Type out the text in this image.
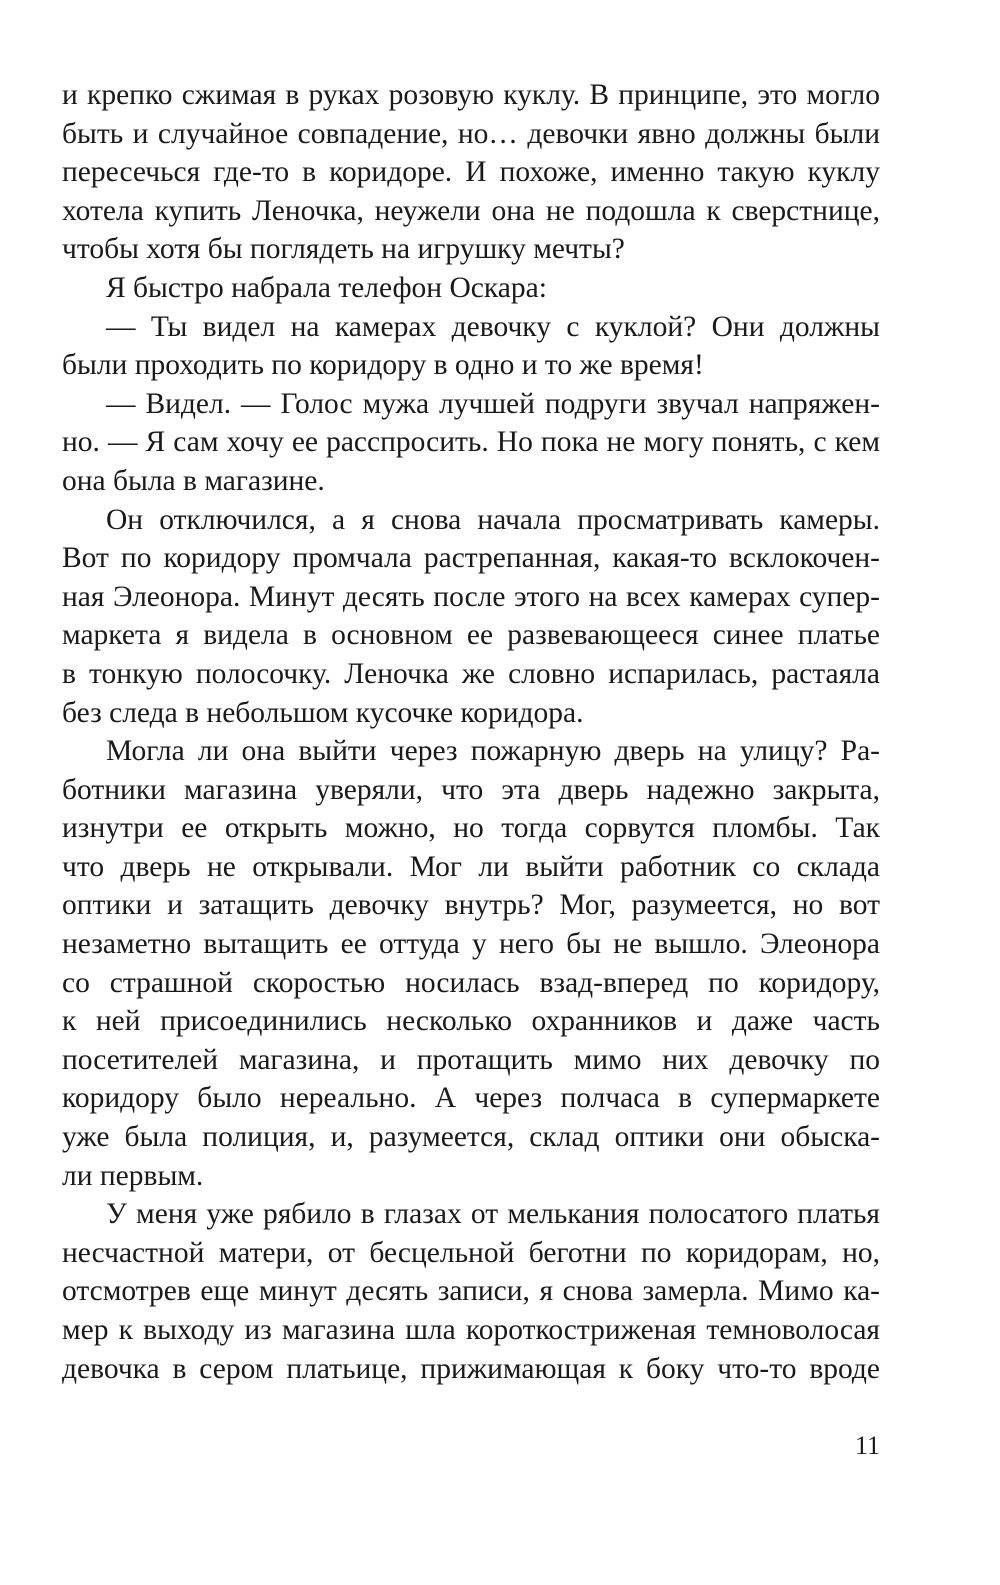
и крепко сжимая в руках розовую куклу. В принципе, это могло
быть и случайное совпадение, но… девочки явно должны были
пересечься где-то в коридоре. И похоже, именно такую куклу
хотела купить Леночка, неужели она не подошла к сверстнице,
чтобы хотя бы поглядеть на игрушку мечты?
Я быстро набрала телефон Оскара:
— Ты видел на камерах девочку с куклой? Они должны
были проходить по коридору в одно и то же время!
— Видел. — Голос мужа лучшей подруги звучал напряжен-
но. — Я сам хочу ее расспросить. Но пока не могу понять, с кем
она была в магазине.
Он отключился, а я снова начала просматривать камеры.
Вот по коридору промчала растрепанная, какая-то всклокочен-
ная Элеонора. Минут десять после этого на всех камерах супер-
маркета я видела в основном ее развевающееся синее платье
в тонкую полосочку. Леночка же словно испарилась, растаяла
без следа в небольшом кусочке коридора.
Могла ли она выйти через пожарную дверь на улицу? Ра-
ботники магазина уверяли, что эта дверь надежно закрыта,
изнутри ее открыть можно, но тогда сорвутся пломбы. Так
что дверь не открывали. Мог ли выйти работник со склада
оптики и затащить девочку внутрь? Мог, разумеется, но вот
незаметно вытащить ее оттуда у него бы не вышло. Элеонора
со страшной скоростью носилась взад-вперед по коридору,
к ней присоединились несколько охранников и даже часть
посетителей магазина, и протащить мимо них девочку по
коридору было нереально. А через полчаса в супермаркете
уже была полиция, и, разумеется, склад оптики они обыска-
ли первым.
У меня уже рябило в глазах от мелькания полосатого платья
несчастной матери, от бесцельной беготни по коридорам, но,
отсмотрев еще минут десять записи, я снова замерла. Мимо ка-
мер к выходу из магазина шла короткостриженая темноволосая
девочка в сером платьице, прижимающая к боку что-то вроде
11
